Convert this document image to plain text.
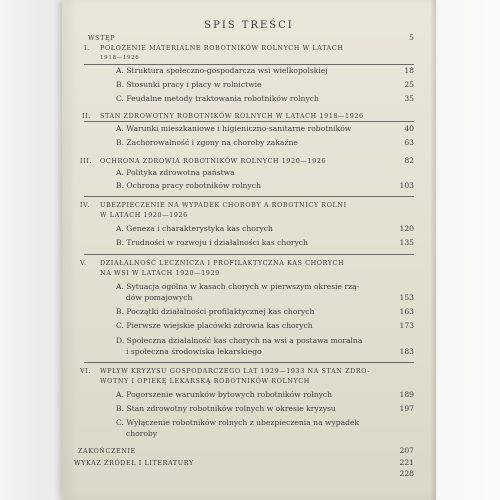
SPIS TREŚCI
WSTĘP	5
I. POŁOŻENIE MATERIALNE ROBOTNIKÓW ROLNYCH W LATACH
1918—1926
A. Struktura społeczno-gospodarcza wsi wielkopolskiej	18
B. Stosunki pracy i płacy w rolnictwie	25
C. Feudalne metody traktowania robotników rolnych	35
II. STAN ZDROWOTNY ROBOTNIKÓW ROLNYCH W LATACH 1918—1926
A. Warunki mieszkaniowe i higieniczno-sanitarne robotników	40
B. Zachorowalność i zgony na choroby zakaźne	63
III. OCHRONA ZDROWIA ROBOTNIKÓW ROLNYCH 1920—1926	82
A. Polityka zdrowotna państwa
B. Ochrona pracy robotników rolnych	103
IV. UBEZPIECZENIE NA WYPADEK CHOROBY A ROBOTNICY ROLNI
W LATACH 1920—1926
A. Geneza i charakterystyka kas chorych	120
B. Trudności w rozwoju i działalności kas chorych	135
V. DZIAŁALNOŚĆ LECZNICZA I PROFILAKTYCZNA KAS CHORYCH
NA WSI W LATACH 1920—1929
A. Sytuacja ogólna w kasach chorych w pierwszym okresie rzą-
dów pomajowych	153
B. Początki działalności profilaktycznej kas chorych	163
C. Pierwsze wiejskie placówki zdrowia kas chorych	173
D. Społeczna działalność kas chorych na wsi a postawa moralna
i społeczna środowiska lekarskiego	183
VI. WPŁYW KRYZYSU GOSPODARCZEGO LAT 1929—1933 NA STAN ZDRO-
WOTNY I OPIEKĘ LEKARSKĄ ROBOTNIKÓW ROLNYCH
A. Pogorszenie warunków bytowych robotników rolnych	189
B. Stan zdrowotny robotników rolnych w okresie kryzysu	197
C. Wyłączenie robotników rolnych z ubezpieczenia na wypadek
choroby
ZAKOŃCZENIE	207
WYKAZ ŹRÓDEŁ I LITERATURY	221
228
